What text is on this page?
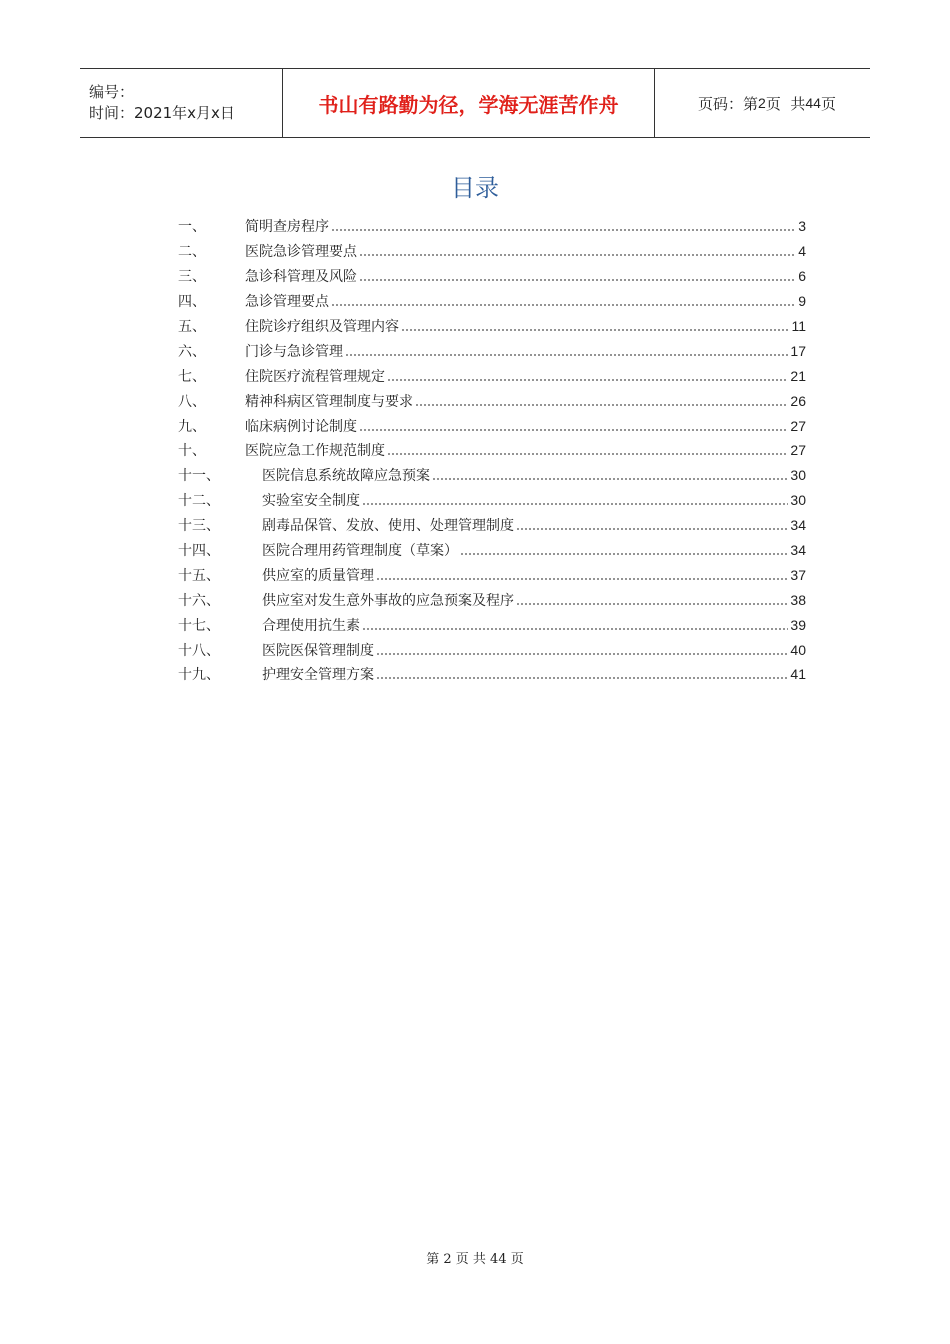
编号：
时间：2021年x月x日	书山有路勤为径，学海无涯苦作舟	页码：第 2 页  共 44 页
目录
一、	简明查房程序	3
二、	医院急诊管理要点	4
三、	急诊科管理及风险	6
四、	急诊管理要点	9
五、	住院诊疗组织及管理内容	11
六、	门诊与急诊管理	17
七、	住院医疗流程管理规定	21
八、	精神科病区管理制度与要求	26
九、	临床病例讨论制度	27
十、	医院应急工作规范制度	27
十一、	医院信息系统故障应急预案	30
十二、	实验室安全制度	30
十三、	剧毒品保管、发放、使用、处理管理制度	34
十四、	医院合理用药管理制度（草案）	34
十五、	供应室的质量管理	37
十六、	供应室对发生意外事故的应急预案及程序	38
十七、	合理使用抗生素	39
十八、	医院医保管理制度	40
十九、	护理安全管理方案	41
第 2 页 共 44 页
